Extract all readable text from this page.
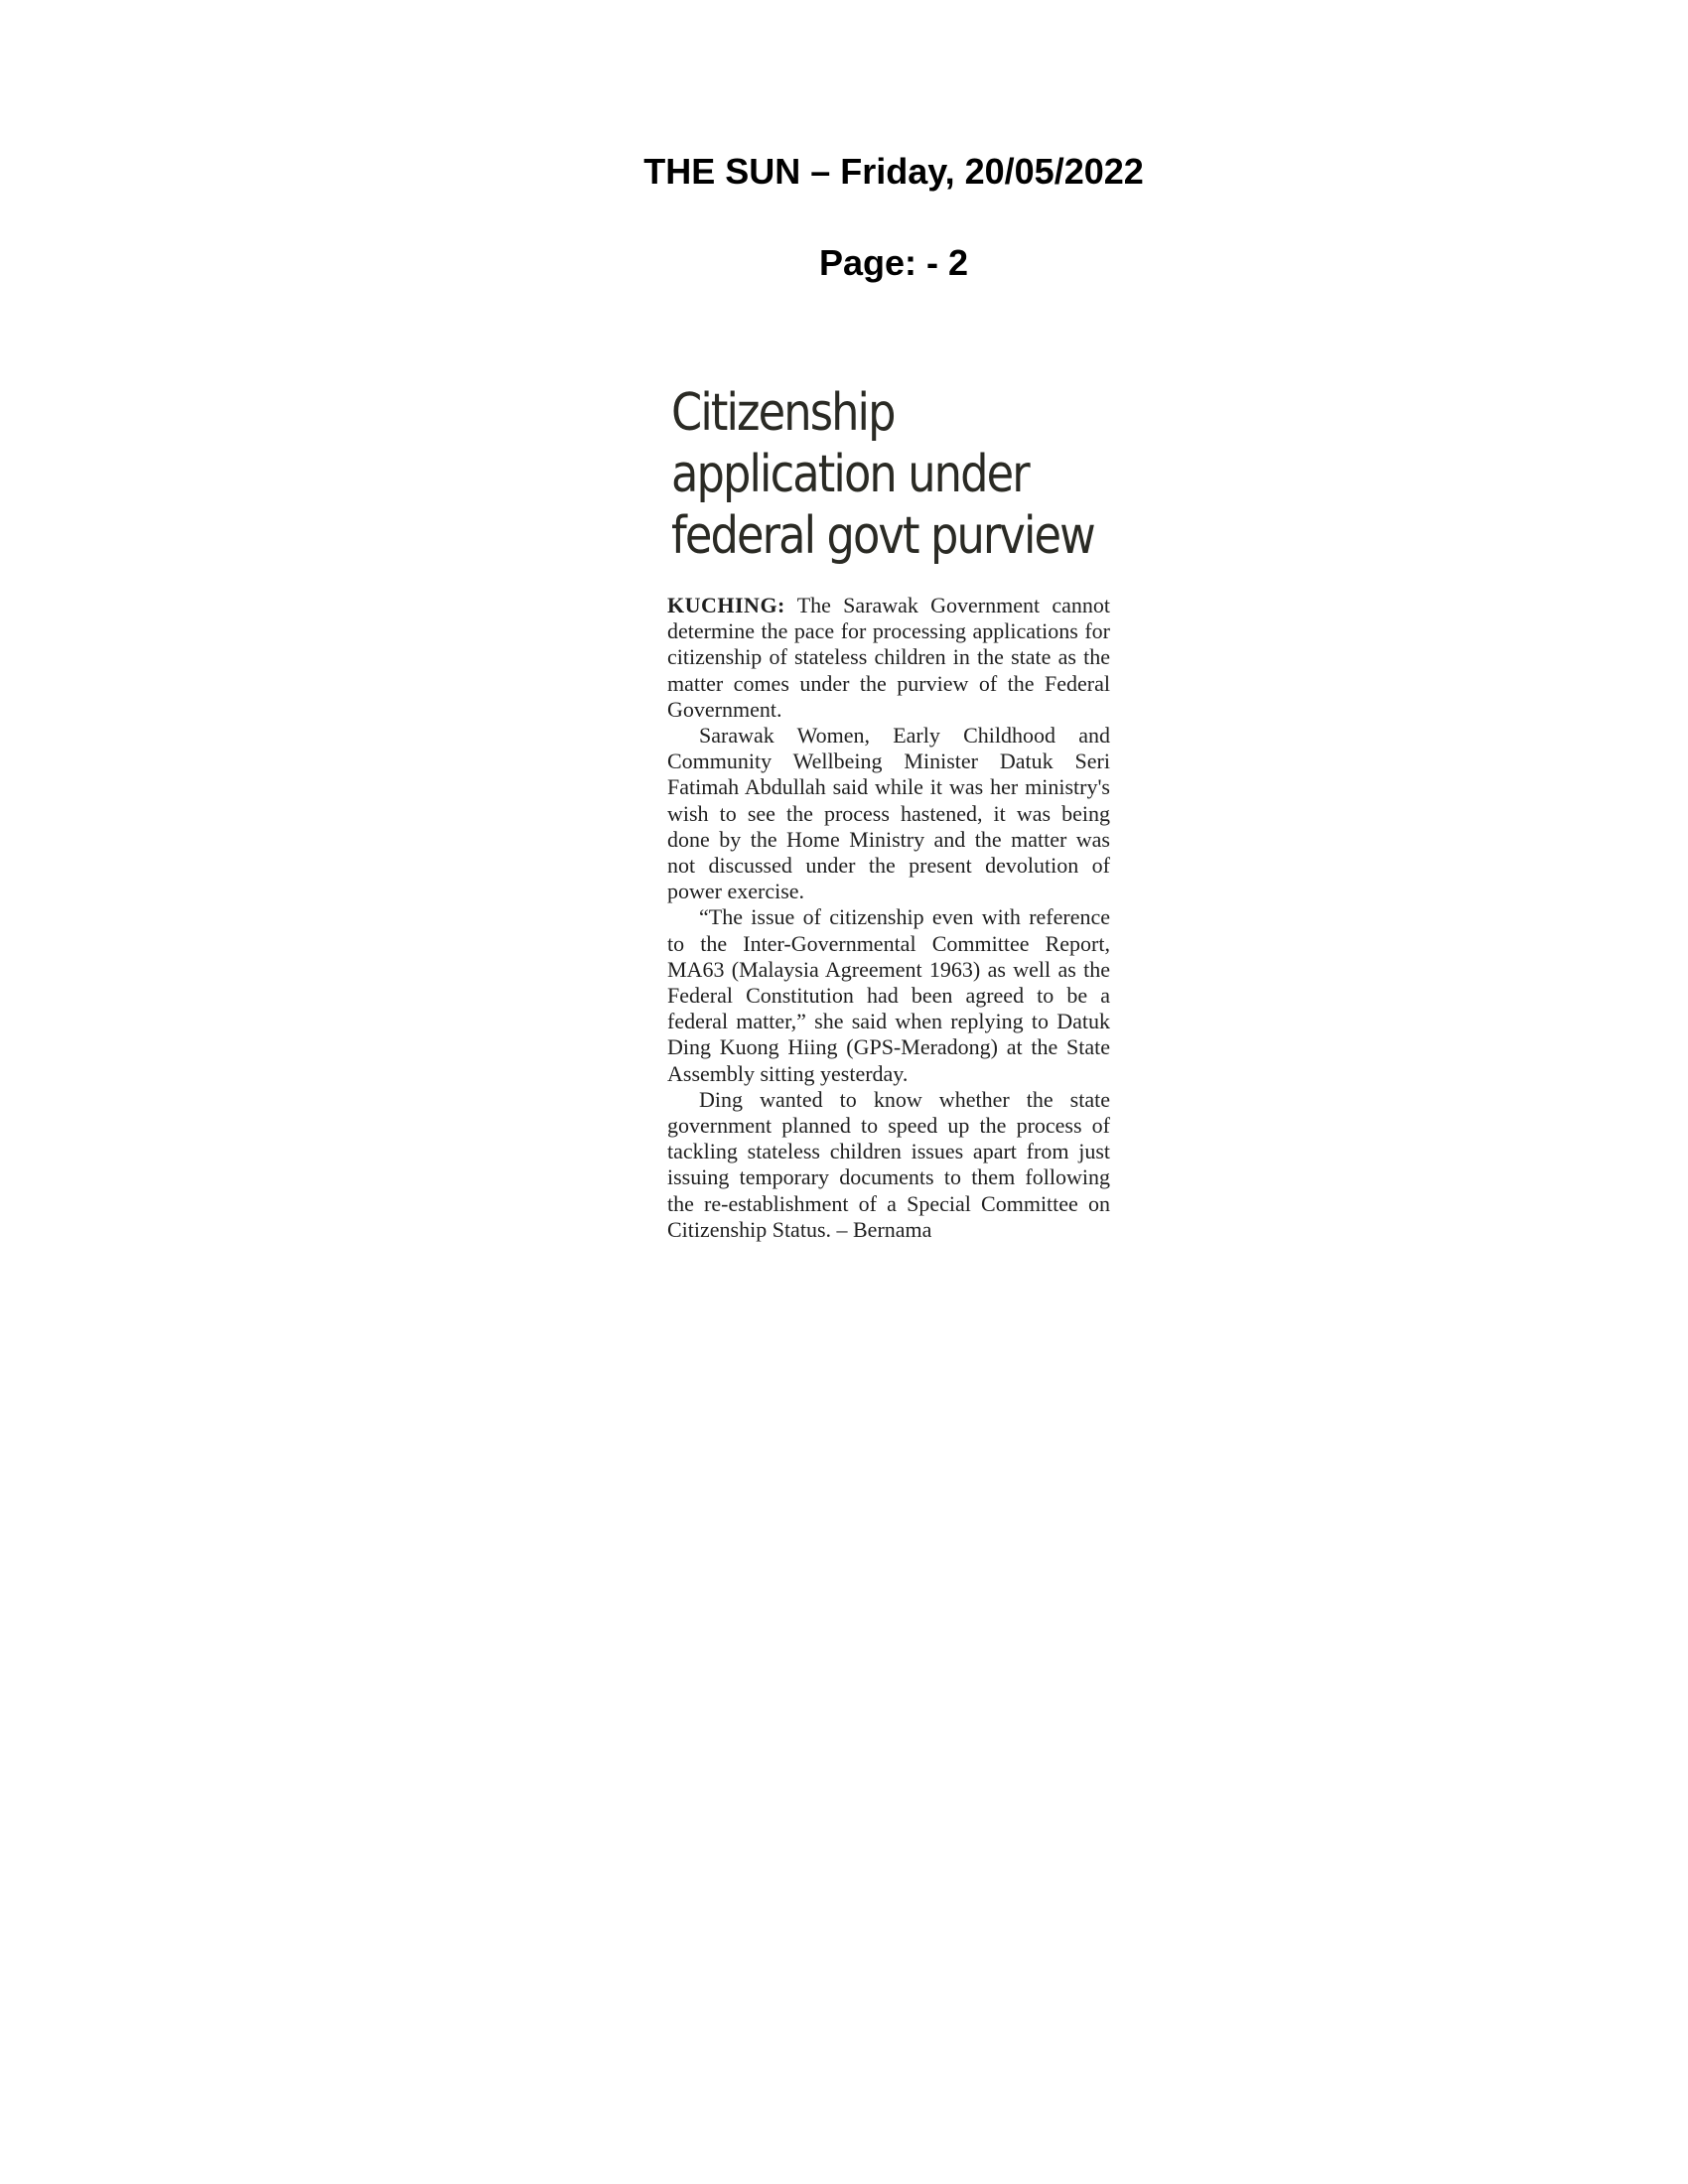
THE SUN – Friday, 20/05/2022
Page: - 2
Citizenship application under federal govt purview

KUCHING: The Sarawak Government cannot determine the pace for processing applications for citizenship of stateless children in the state as the matter comes under the purview of the Federal Government.

Sarawak Women, Early Childhood and Community Wellbeing Minister Datuk Seri Fatimah Abdullah said while it was her ministry's wish to see the process hastened, it was being done by the Home Ministry and the matter was not discussed under the present devolution of power exercise.

“The issue of citizenship even with reference to the Inter-Governmental Committee Report, MA63 (Malaysia Agreement 1963) as well as the Federal Constitution had been agreed to be a federal matter,” she said when replying to Datuk Ding Kuong Hiing (GPS-Meradong) at the State Assembly sitting yesterday.

Ding wanted to know whether the state government planned to speed up the process of tackling stateless children issues apart from just issuing temporary documents to them following the re-establishment of a Special Committee on Citizenship Status. – Bernama
